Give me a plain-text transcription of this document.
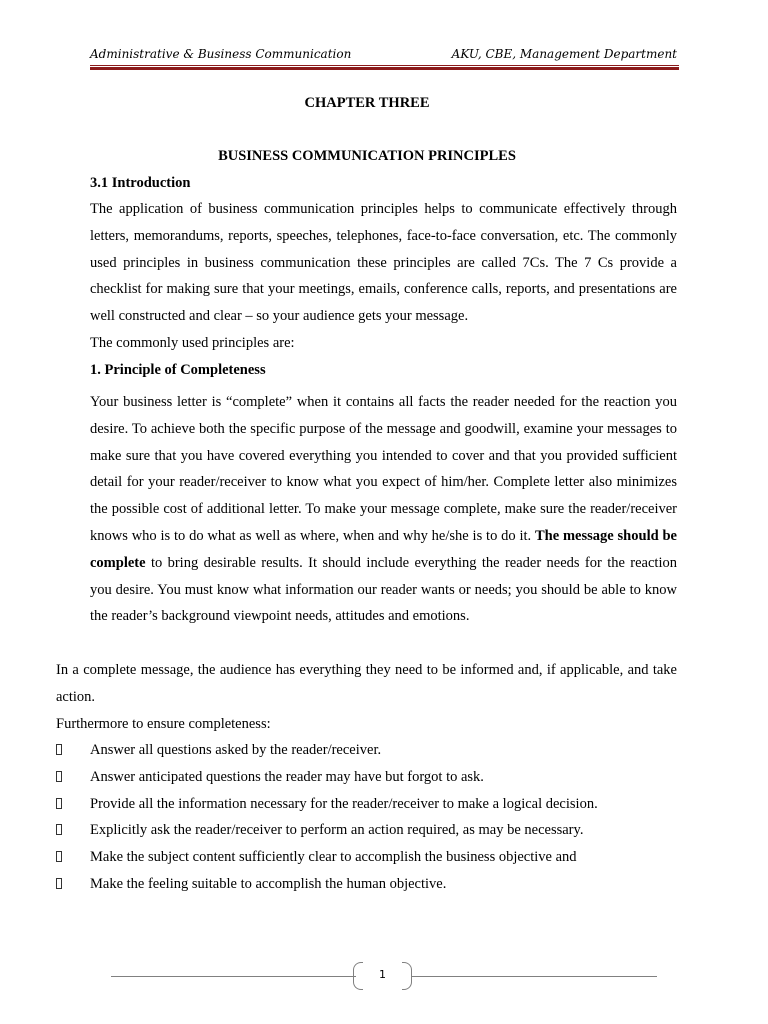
Administrative & Business Communication	AKU, CBE, Management Department
CHAPTER THREE
BUSINESS COMMUNICATION PRINCIPLES
3.1 Introduction

The application of business communication principles helps to communicate effectively through letters, memorandums, reports, speeches, telephones, face-to-face conversation, etc. The commonly used principles in business communication these principles are called 7Cs. The 7 Cs provide a checklist for making sure that your meetings, emails, conference calls, reports, and presentations are well constructed and clear – so your audience gets your message.

The commonly used principles are:

1. Principle of Completeness

Your business letter is “complete” when it contains all facts the reader needed for the reaction you desire. To achieve both the specific purpose of the message and goodwill, examine your messages to make sure that you have covered everything you intended to cover and that you provided sufficient detail for your reader/receiver to know what you expect of him/her. Complete letter also minimizes the possible cost of additional letter. To make your message complete, make sure the reader/receiver knows who is to do what as well as where, when and why he/she is to do it. The message should be complete to bring desirable results. It should include everything the reader needs for the reaction you desire. You must know what information our reader wants or needs; you should be able to know the reader’s background viewpoint needs, attitudes and emotions.

In a complete message, the audience has everything they need to be informed and, if applicable, and take action.

Furthermore to ensure completeness:

Answer all questions asked by the reader/receiver.
Answer anticipated questions the reader may have but forgot to ask.
Provide all the information necessary for the reader/receiver to make a logical decision.
Explicitly ask the reader/receiver to perform an action required, as may be necessary.
Make the subject content sufficiently clear to accomplish the business objective and
Make the feeling suitable to accomplish the human objective.
1
